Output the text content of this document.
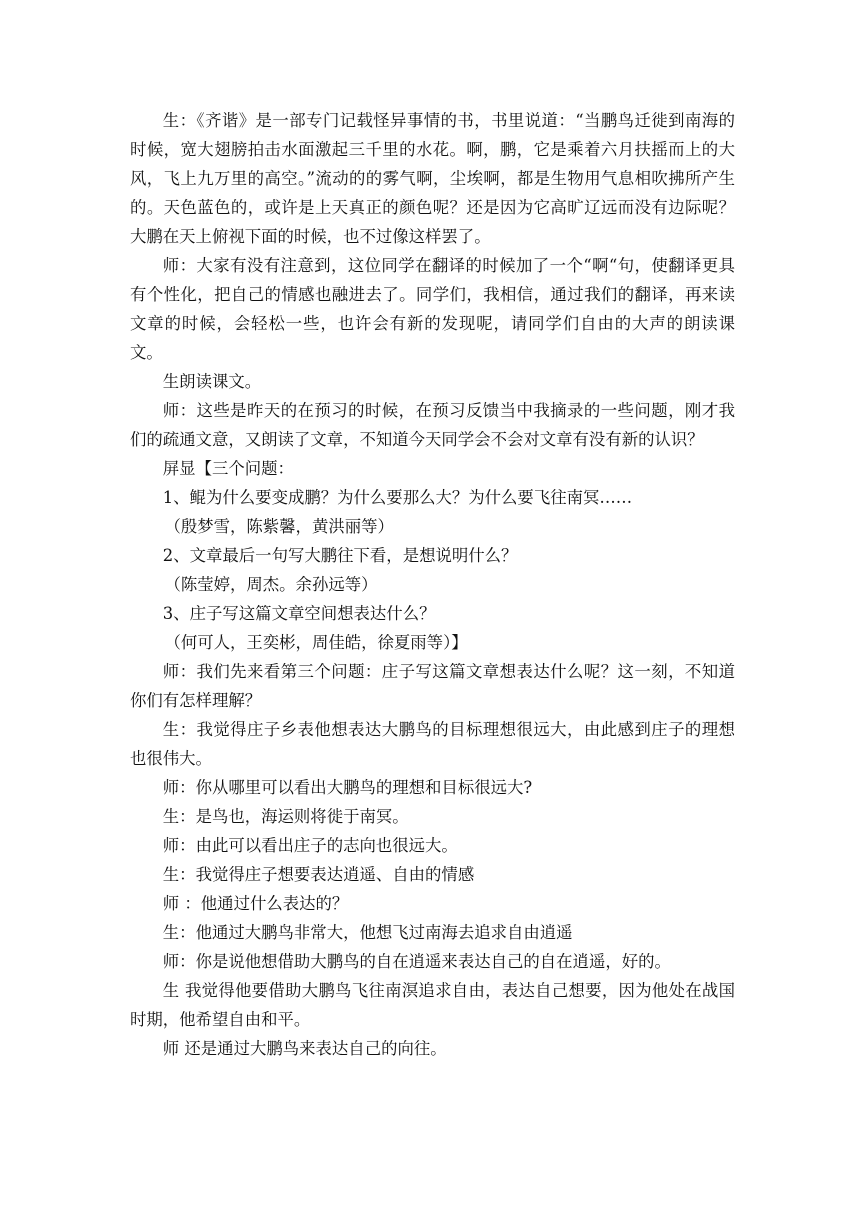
生：《齐谐》是一部专门记载怪异事情的书，书里说道：“当鹏鸟迁徙到南海的时候，宽大翅膀拍击水面激起三千里的水花。啊，鹏，它是乘着六月扶摇而上的大风，飞上九万里的高空。”流动的的雾气啊，尘埃啊，都是生物用气息相吹拂所产生的。天色蓝色的，或许是上天真正的颜色呢？还是因为它高旷辽远而没有边际呢？大鹏在天上俯视下面的时候，也不过像这样罢了。

师：大家有没有注意到，这位同学在翻译的时候加了一个“啊“句，使翻译更具有个性化，把自己的情感也融进去了。同学们，我相信，通过我们的翻译，再来读文章的时候，会轻松一些，也许会有新的发现呢，请同学们自由的大声的朗读课文。

生朗读课文。

师：这些是昨天的在预习的时候，在预习反馈当中我摘录的一些问题，刚才我们的疏通文意，又朗读了文章，不知道今天同学会不会对文章有没有新的认识？

屏显【三个问题：

1、鲲为什么要变成鹏？为什么要那么大？为什么要飞往南冥……

（殷梦雪，陈紫馨，黄洪丽等）

2、文章最后一句写大鹏往下看，是想说明什么？

（陈莹婷，周杰。余孙远等）

3、庄子写这篇文章空间想表达什么？

（何可人，王奕彬，周佳皓，徐夏雨等）】

师：我们先来看第三个问题：庄子写这篇文章想表达什么呢？这一刻，不知道你们有怎样理解？

生：我觉得庄子乡表他想表达大鹏鸟的目标理想很远大，由此感到庄子的理想也很伟大。

师：你从哪里可以看出大鹏鸟的理想和目标很远大?

生：是鸟也，海运则将徙于南冥。

师：由此可以看出庄子的志向也很远大。

生：我觉得庄子想要表达逍遥、自由的情感

师 ：他通过什么表达的？

生：他通过大鹏鸟非常大，他想飞过南海去追求自由逍遥

师：你是说他想借助大鹏鸟的自在逍遥来表达自己的自在逍遥，好的。

生 我觉得他要借助大鹏鸟飞往南溟追求自由，表达自己想要，因为他处在战国时期，他希望自由和平。

师 还是通过大鹏鸟来表达自己的向往。
